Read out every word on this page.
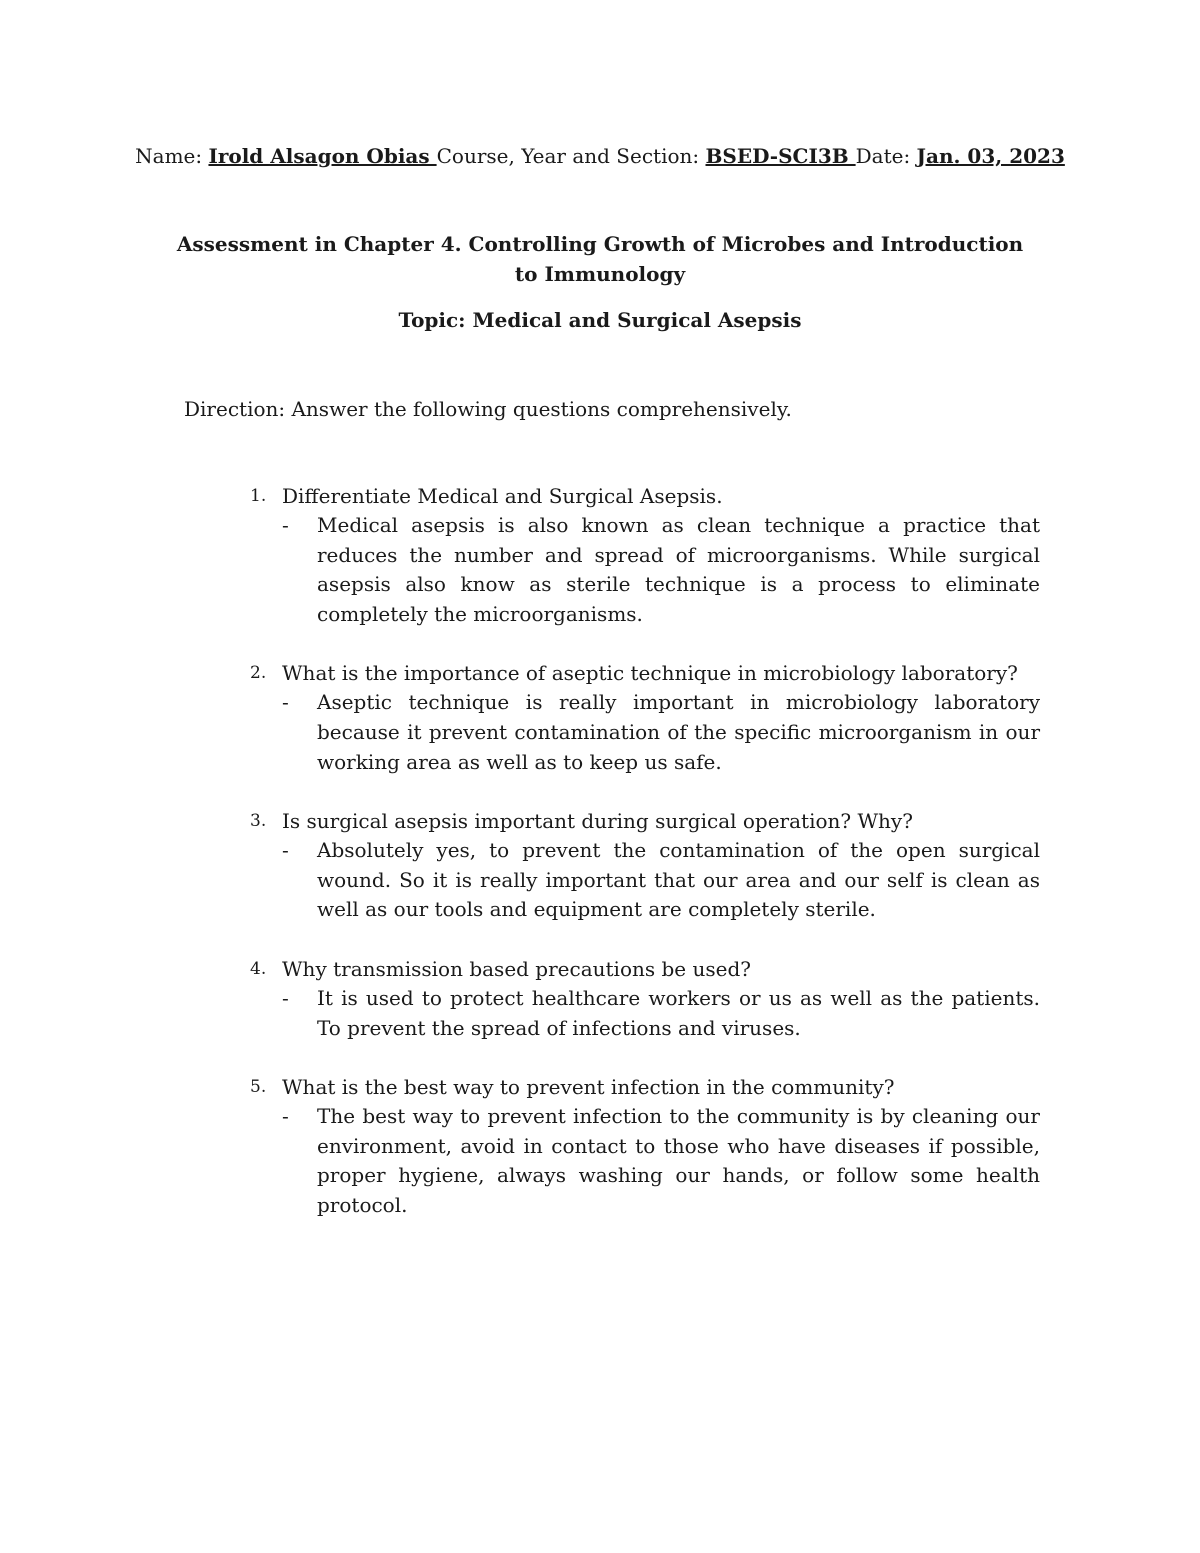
Name: Irold Alsagon Obias Course, Year and Section: BSED-SCI3B Date: Jan. 03, 2023
Assessment in Chapter 4. Controlling Growth of Microbes and Introduction to Immunology
Topic: Medical and Surgical Asepsis
Direction: Answer the following questions comprehensively.
1. Differentiate Medical and Surgical Asepsis.
- Medical asepsis is also known as clean technique a practice that reduces the number and spread of microorganisms. While surgical asepsis also know as sterile technique is a process to eliminate completely the microorganisms.
2. What is the importance of aseptic technique in microbiology laboratory?
- Aseptic technique is really important in microbiology laboratory because it prevent contamination of the specific microorganism in our working area as well as to keep us safe.
3. Is surgical asepsis important during surgical operation? Why?
- Absolutely yes, to prevent the contamination of the open surgical wound. So it is really important that our area and our self is clean as well as our tools and equipment are completely sterile.
4. Why transmission based precautions be used?
- It is used to protect healthcare workers or us as well as the patients. To prevent the spread of infections and viruses.
5. What is the best way to prevent infection in the community?
- The best way to prevent infection to the community is by cleaning our environment, avoid in contact to those who have diseases if possible, proper hygiene, always washing our hands, or follow some health protocol.
